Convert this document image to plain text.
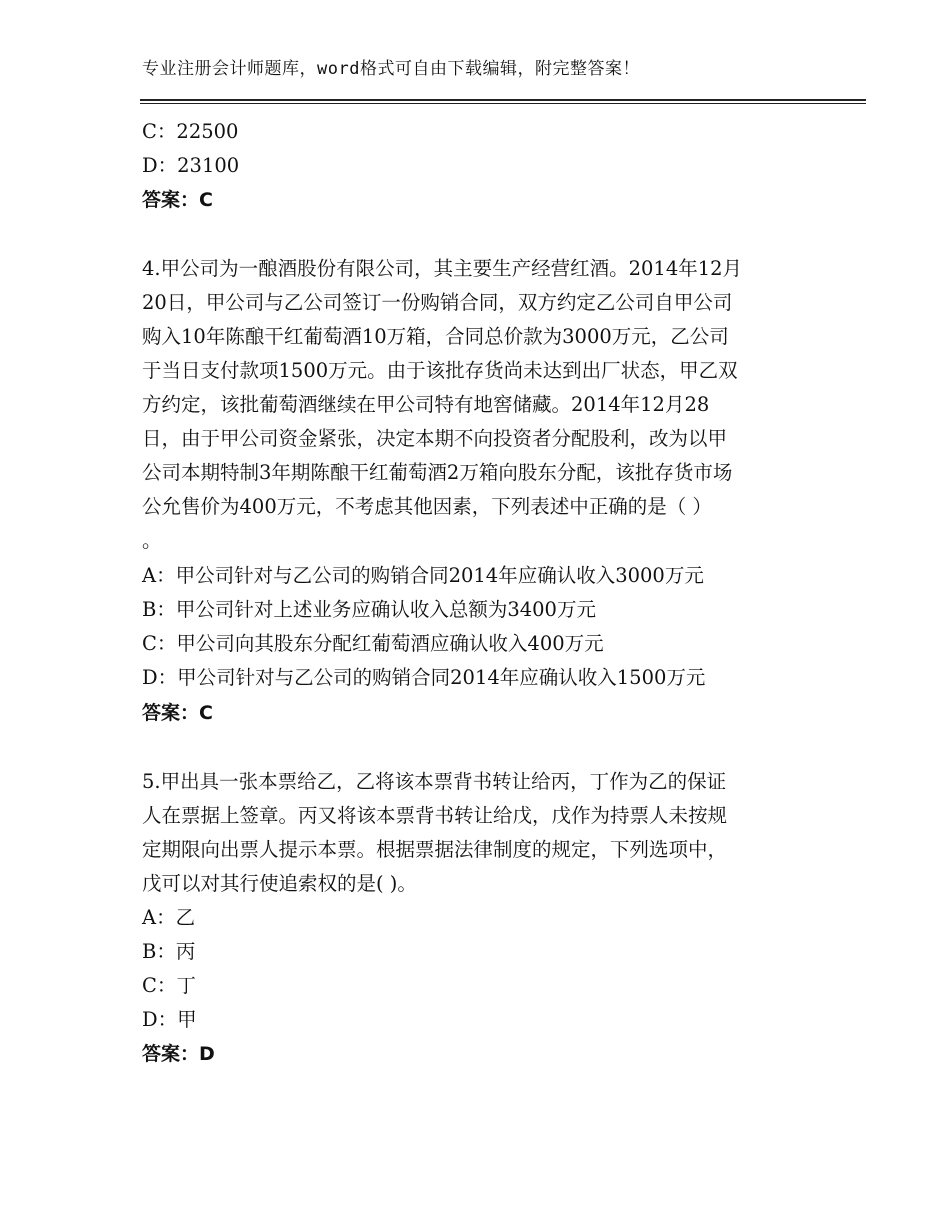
专业注册会计师题库，word格式可自由下载编辑，附完整答案！
C：22500
D：23100
答案：C
4.甲公司为一酿酒股份有限公司，其主要生产经营红酒。2014年12月
20日，甲公司与乙公司签订一份购销合同，双方约定乙公司自甲公司
购入10年陈酿干红葡萄酒10万箱，合同总价款为3000万元，乙公司
于当日支付款项1500万元。由于该批存货尚未达到出厂状态，甲乙双
方约定，该批葡萄酒继续在甲公司特有地窖储藏。2014年12月28
日，由于甲公司资金紧张，决定本期不向投资者分配股利，改为以甲
公司本期特制3年期陈酿干红葡萄酒2万箱向股东分配，该批存货市场
公允售价为400万元，不考虑其他因素，下列表述中正确的是（ ）
。
A：甲公司针对与乙公司的购销合同2014年应确认收入3000万元
B：甲公司针对上述业务应确认收入总额为3400万元
C：甲公司向其股东分配红葡萄酒应确认收入400万元
D：甲公司针对与乙公司的购销合同2014年应确认收入1500万元
答案：C
5.甲出具一张本票给乙，乙将该本票背书转让给丙，丁作为乙的保证
人在票据上签章。丙又将该本票背书转让给戊，戊作为持票人未按规
定期限向出票人提示本票。根据票据法律制度的规定，下列选项中，
戊可以对其行使追索权的是( )。
A：乙
B：丙
C：丁
D：甲
答案：D
